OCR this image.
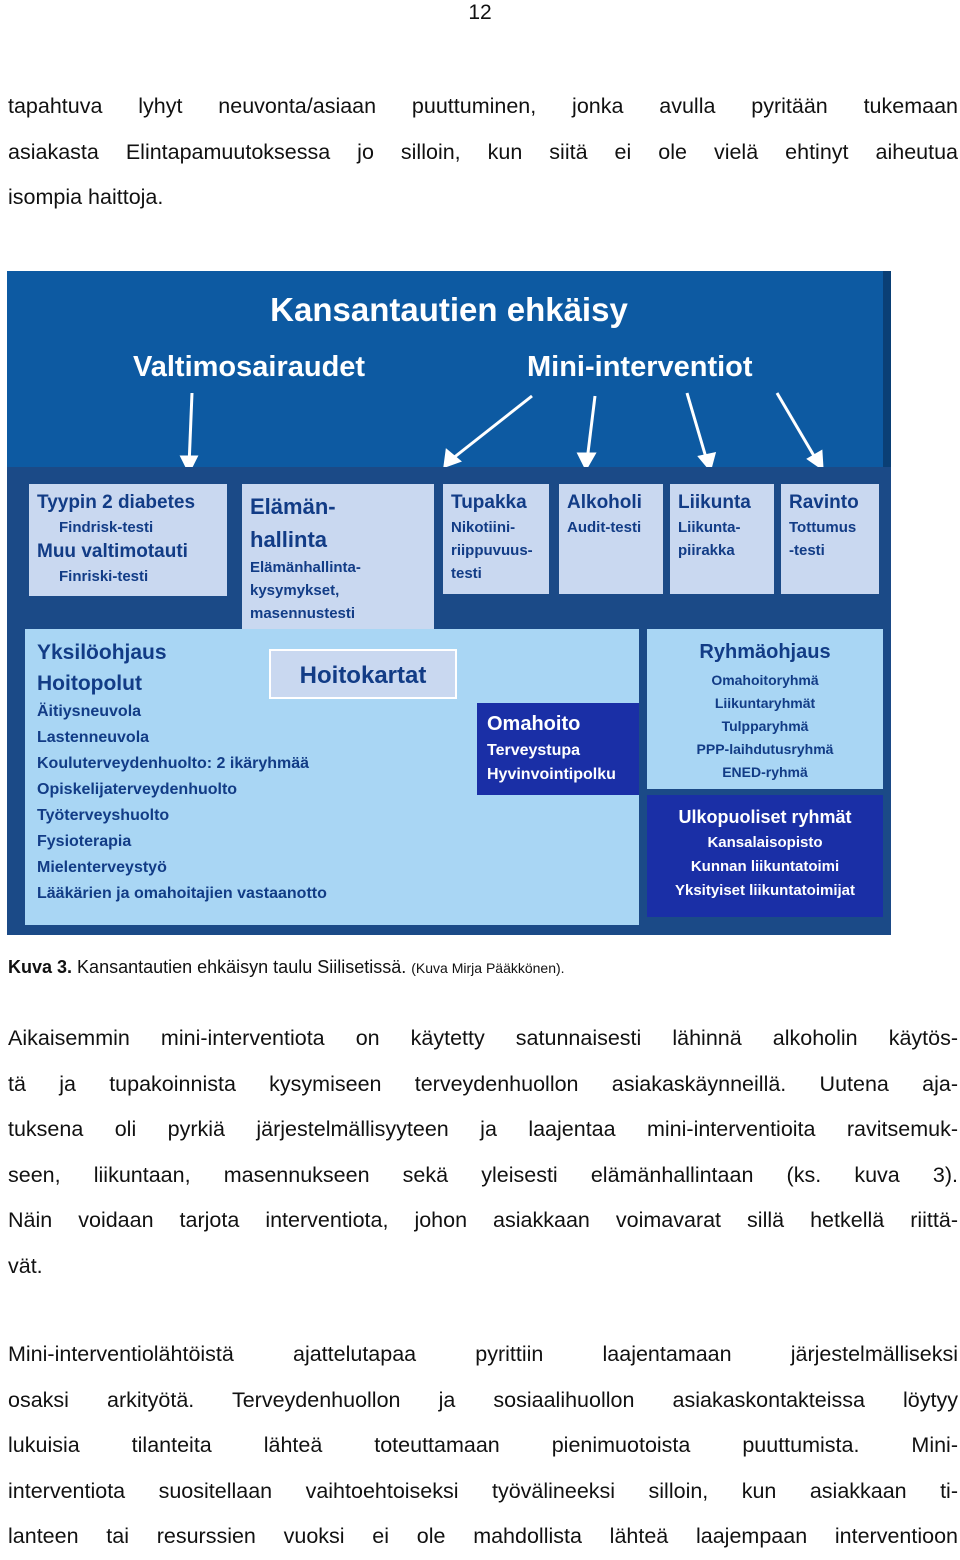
12
tapahtuva lyhyt neuvonta/asiaan puuttuminen, jonka avulla pyritään tukemaan
asiakasta Elintapamuutoksessa jo silloin, kun siitä ei ole vielä ehtinyt aiheutua
isompia haittoja.
Kansantautien ehkäisy
Valtimosairaudet	Mini-interventiot
Tyypin 2 diabetes
Findrisk-testi
Muu valtimotauti
Finriski-testi
Elämän-
hallinta
Elämänhallinta-
kysymykset,
masennustesti
Tupakka
Nikotiini-
riippuvuus-
testi
Alkoholi
Audit-testi
Liikunta
Liikunta-
piirakka
Ravinto
Tottumus
-testi
Yksilöohjaus
Hoitopolut
Äitiysneuvola
Lastenneuvola
Kouluterveydenhuolto: 2 ikäryhmää
Opiskelijaterveydenhuolto
Työterveyshuolto
Fysioterapia
Mielenterveystyö
Lääkärien ja omahoitajien vastaanotto
Hoitokartat
Omahoito
Terveystupa
Hyvinvointipolku
Ryhmäohjaus
Omahoitoryhmä
Liikuntaryhmät
Tulpparyhmä
PPP-laihdutusryhmä
ENED-ryhmä
Ulkopuoliset ryhmät
Kansalaisopisto
Kunnan liikuntatoimi
Yksityiset liikuntatoimijat
Kuva 3. Kansantautien ehkäisyn taulu Siilisetissä. (Kuva Mirja Pääkkönen).
Aikaisemmin mini-interventiota on käytetty satunnaisesti lähinnä alkoholin käytös-
tä ja tupakoinnista kysymiseen terveydenhuollon asiakaskäynneillä. Uutena aja-
tuksena oli pyrkiä järjestelmällisyyteen ja laajentaa mini-interventioita ravitsemuk-
seen, liikuntaan, masennukseen sekä yleisesti elämänhallintaan (ks. kuva 3).
Näin voidaan tarjota interventiota, johon asiakkaan voimavarat sillä hetkellä riittä-
vät.
Mini-interventiolähtöistä ajattelutapaa pyrittiin laajentamaan järjestelmälliseksi
osaksi arkityötä. Terveydenhuollon ja sosiaalihuollon asiakaskontakteissa löytyy
lukuisia tilanteita lähteä toteuttamaan pienimuotoista puuttumista. Mini-
interventiota suositellaan vaihtoehtoiseksi työvälineeksi silloin, kun asiakkaan ti-
lanteen tai resurssien vuoksi ei ole mahdollista lähteä laajempaan interventioon
